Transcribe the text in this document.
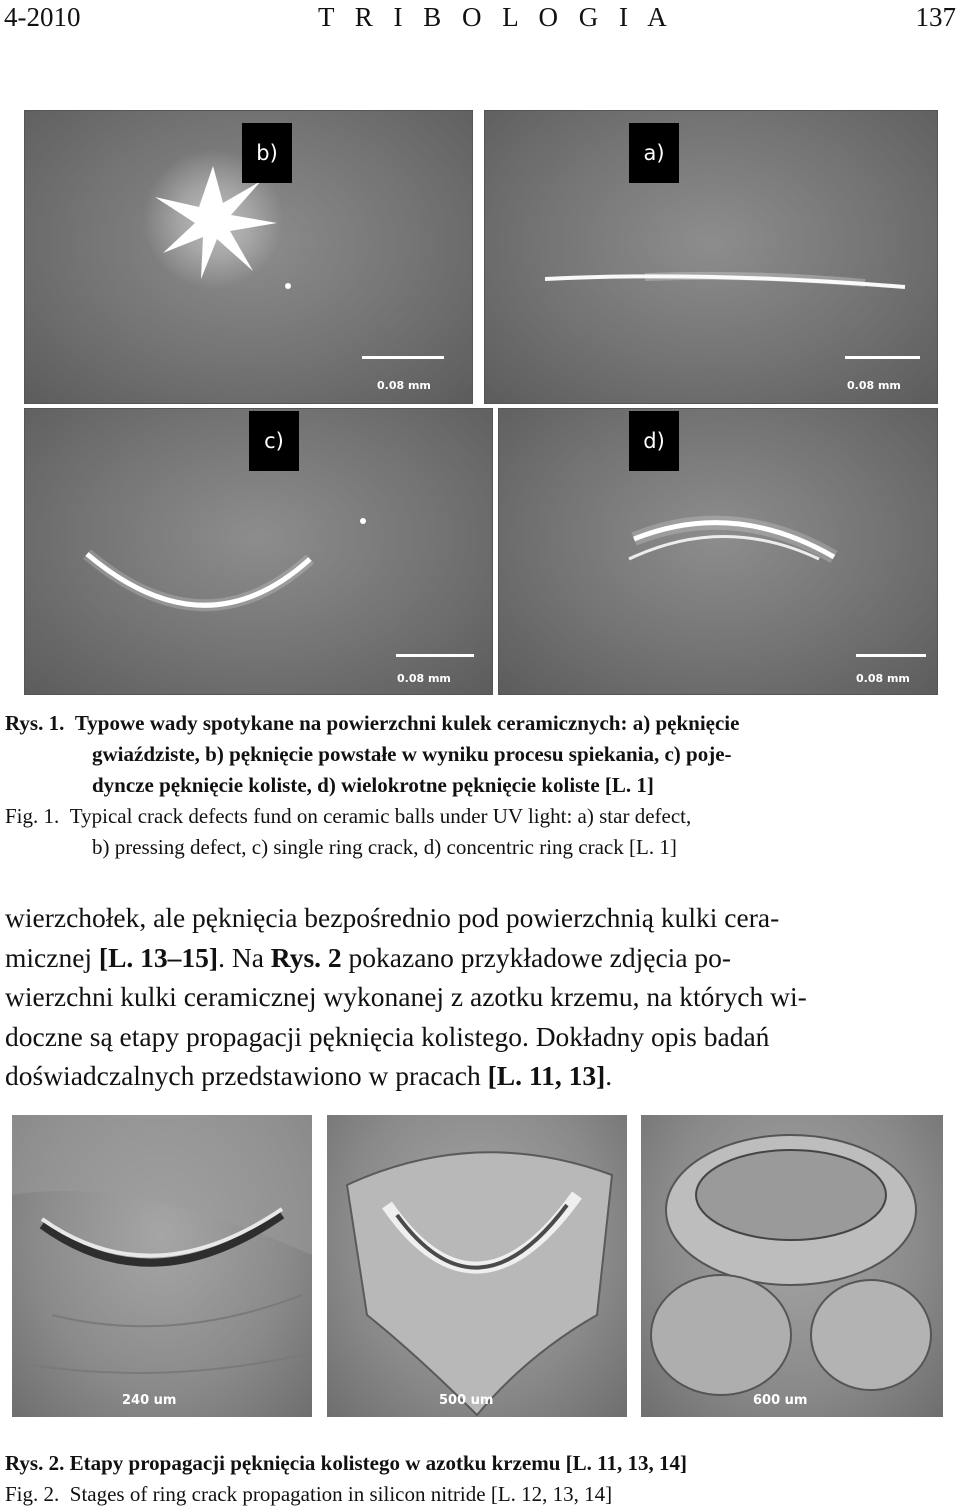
4-2010	T R I B O L O G I A	137
b)
0.08 mm
a)
0.08 mm
c)
0.08 mm
d)
0.08 mm
Rys. 1. Typowe wady spotykane na powierzchni kulek ceramicznych: a) pęknięcie
gwiaździste, b) pęknięcie powstałe w wyniku procesu spiekania, c) poje-
dyncze pęknięcie koliste, d) wielokrotne pęknięcie koliste [L. 1]
Fig. 1. Typical crack defects fund on ceramic balls under UV light: a) star defect,
b) pressing defect, c) single ring crack, d) concentric ring crack [L. 1]
wierzchołek, ale pęknięcia bezpośrednio pod powierzchnią kulki cera-
micznej [L. 13–15]. Na Rys. 2 pokazano przykładowe zdjęcia po-
wierzchni kulki ceramicznej wykonanej z azotku krzemu, na których wi-
doczne są etapy propagacji pęknięcia kolistego. Dokładny opis badań
doświadczalnych przedstawiono w pracach [L. 11, 13].
240 um	500 um	600 um
Rys. 2. Etapy propagacji pęknięcia kolistego w azotku krzemu [L. 11, 13, 14]
Fig. 2. Stages of ring crack propagation in silicon nitride [L. 12, 13, 14]
